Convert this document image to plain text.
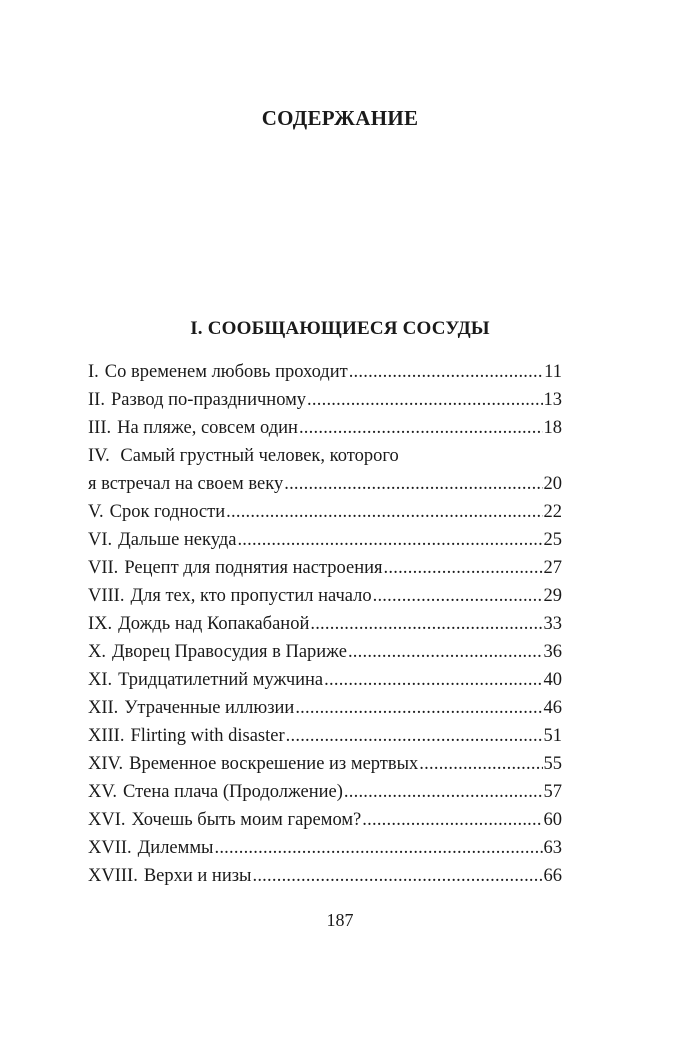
СОДЕРЖАНИЕ
I. СООБЩАЮЩИЕСЯ СОСУДЫ
I. Со временем любовь проходит . . .	11
II. Развод по-праздничному . . .	13
III. На пляже, совсем один . . .	18
IV. Самый грустный человек, которого
я встречал на своем веку . . .	20
V. Срок годности . . .	22
VI. Дальше некуда . . .	25
VII. Рецепт для поднятия настроения . . .	27
VIII. Для тех, кто пропустил начало . . .	29
IX. Дождь над Копакабаной . . .	33
X. Дворец Правосудия в Париже . . .	36
XI. Тридцатилетний мужчина . . .	40
XII. Утраченные иллюзии . . .	46
XIII. Flirting with disaster . . .	51
XIV. Временное воскрешение из мертвых . . .	55
XV. Стена плача (Продолжение) . . .	57
XVI. Хочешь быть моим гаремом? . . .	60
XVII. Дилеммы . . .	63
XVIII. Верхи и низы . . .	66
187
